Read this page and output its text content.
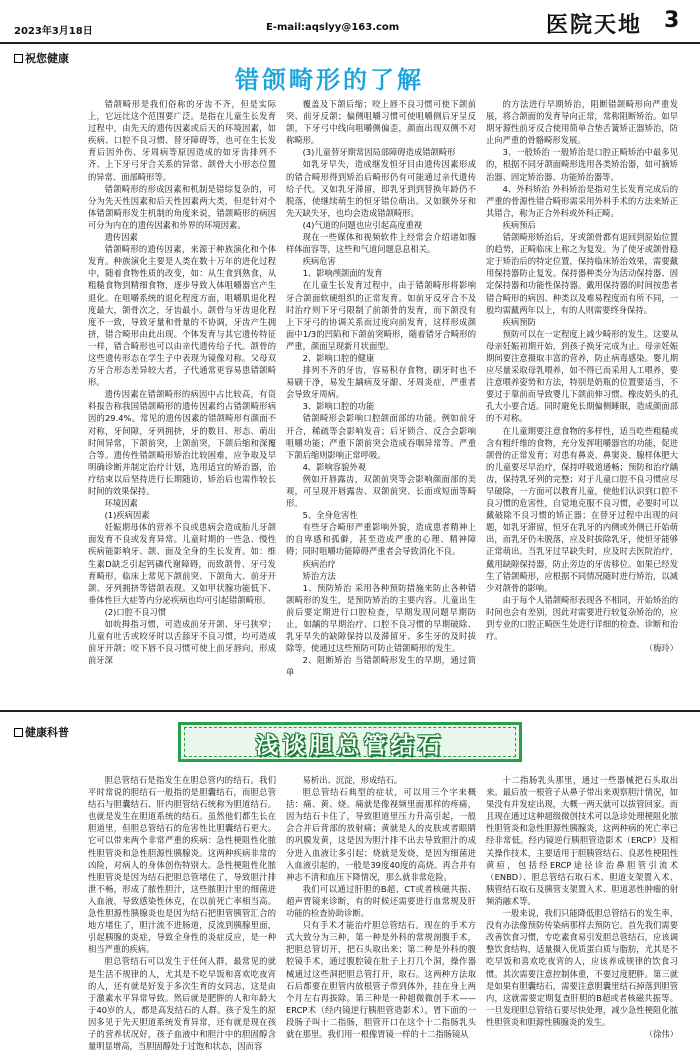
2023年3月18日	E-mail:aqslyy@163.com	医院天地 3
祝您健康
错颌畸形的了解

错颌畸形是我们俗称的牙齿不齐，但是实际上，它远比这个范围要广泛。是指在儿童生长发育过程中，由先天的遗传因素或后天的环境因素，如疾病、口腔不良习惯、替牙障碍等，也可在生长发育后因外伤、牙周病等原因造成的如牙齿排列不齐、上下牙弓牙合关系的异常、颌骨大小形态位置的异常、面部畸形等。

错颌畸形的形成因素和机制是错综复杂的，可分为先天性因素和后天性因素两大类，但是针对个体错颌畸形发生机制的角度来说，错颌畸形的病因可分为内在的遗传因素和外界的环境因素。

遗传因素

错颌畸形的遗传因素，来源于种族演化和个体发育。种族演化主要是人类在数十万年的进化过程中，随着食物性质的改变，如：从生食到熟食，从粗糙食物到精细食物，逐步导致人体咀嚼器官产生退化。在咀嚼系统的退化程度方面，咀嚼肌退化程度最大，颌骨次之，牙齿最小。颌骨与牙齿退化程度不一致，导致牙量和骨量的不协调，牙齿产生拥挤，错合畸形由此出现。个体发育与其它遗传特征一样，错合畸形也可以由亲代遗传给子代。颌骨的这些遗传形态在学生子中表现为镜像对称。父母双方牙合形态差异较大者，子代通常更容易患错颌畸形。

遗传因素在错颌畸形的病因中占比较高，有资料报告称我国错颌畸形的遗传因素约占错颌畸形病因的29.4%。常见的遗传因素的错颌畸形有颜面不对称，牙间隙，牙列拥挤，牙的数目、形态、萌出时间异常，下颌前突，上颌前突，下颌后缩和深覆合等。遗传性错颌畸形矫治比较困难，应争取及早明确诊断并制定治疗计划，选用适宜的矫治器，治疗结束以后坚持进行长期随访，矫治后也需作较长时间的效果保持。

环境因素

(1)疾病因素

妊娠期母体的营养不良或患病会造成胎儿牙颌面发育不良或发育异常。儿童时期的一些急、慢性疾病能影响牙、颌、面及全身的生长发育。如：维生素D缺乏引起钙磷代谢障碍，而致颌骨、牙弓发育畸形，临床上常见下颌前突、下颌角大、前牙开颌、牙列拥挤等错颌表现。又如甲状腺功能低下、垂体性巨大症等内分泌疾病也均可引起错颌畸形。

(2)口腔不良习惯

如吮拇指习惯，可造成前牙开颌、牙弓狭窄；儿童有吐舌或咬牙时以舌舔牙不良习惯，均可造成前牙开颌；咬下唇不良习惯可使上前牙唇向，形成前牙深

覆盖及下颌后缩；咬上唇不良习惯可使下颌前突、前牙反颌；偏侧咀嚼习惯可使咀嚼侧后牙呈反颌，下牙弓中线向咀嚼侧偏歪，颜面出现双侧不对称畸形。

(3)儿童替牙期常因局部障碍造成错颌畸形

如乳牙早失，造成继发恒牙目由遗传因素形成的错合畸形得到矫治后畸形仍有可能通过亲代遗传给子代。又如乳牙滞留，即乳牙到到替换年龄仍不脱落，使继续萌生的恒牙错位萌出。又如额外牙和先天缺失牙，也均会造成错颌畸形。

(4)气道的问题也应引起高度重视

现在一些媒体和视频软件上经常会介绍诸如腺样体面容等，这些和气道问题息息相关。

疾病危害

1、影响颅颌面的发育

在儿童生长发育过程中，由于错颌畸形将影响牙合颌面软硬组织的正常发育。如前牙反牙合不及时治疗则下牙弓限制了前颌骨的发育，而下颌没有上下牙弓的协调关系而过度向前发育，这样形成颜面中1/3的凹陷和下颌前突畸形，随着错牙合畸形的严重，颜面呈现新月状面型。

2、影响口腔的健康

排列不齐的牙齿，容易积存食物，刷牙时也不易刷干净，易发生龋病及牙龈、牙周炎症，严重者会导致牙周病。

3、影响口腔的功能

错颌畸形会影响口腔颌面部的功能。例如前牙开合，稀疏等会影响发音；后牙锁合、反合会影响咀嚼功能；严重下颌前突会造成吞咽异常等。严重下颌后缩则影响正常呼吸。

4、影响容貌外观

例如开唇露齿，双颌前突等会影响颜面部的美观，可呈现开唇露齿、双颌前突、长面或短面等畸形。

5、全身危害性

有些牙合畸形严重影响外貌，造成患者精神上的自卑感和孤僻，甚至造成严重的心理、精神障碍；同时咀嚼功能障碍严重者会导致消化不良。

疾病治疗

矫治方法

1、预防矫治 采用各种预防措施来防止各种错颌畸形的发生，是预防矫治的主要内容。儿童出生前后要定期进行口腔检查，早期发现问题早期防止，如龋的早期治疗、口腔不良习惯的早期破除、乳牙早失的缺隙保持以及滞留牙、多生牙的及时拔除等，使通过这些预防可防止错颌畸形的发生。

2、阻断矫治 当错颌畸形发生的早期，通过简单

的方法进行早期矫治，阻断错颌畸形向严重发展，将合颌面的发育导向正常，常称阻断矫治。如早期牙源性前牙反合使用简单合垫舌簧矫正器矫治，防止向严重的骨骼畸形发展。

3、一般矫治 一般矫治是口腔正畸矫治中最多见的，根据不同牙颌面畸形选用各类矫治器，如可摘矫治器、固定矫治器、功能矫治器等。

4、外科矫治 外科矫治是指对生长发育完成后的严重的骨源性错合畸形需采用外科手术的方法来矫正其错合，称为正合外科或外科正畸。

疾病预后

错颌畸形矫治后，牙或颌骨都有退回到原始位置的趋势，正畸临床上称之为复发。为了使牙或颌骨稳定于矫治后的特定位置，保持临床矫治效果，需要戴用保持器防止复发。保持器种类分为活动保持器、固定保持器和功能性保持器。戴用保持器的时间按患者错合畸形的病因、种类以及难易程度而有所不同，一般均需戴两年以上，有的人则需要终身保持。

疾病预防

预防可以在一定程度上减少畸形的发生。这要从母亲妊娠初期开始，到孩子换牙完成为止。母亲妊娠期间要注意摄取丰富的营养，防止病毒感染。婴儿期应尽量采取母乳喂养，如不得已而采用人工喂养，要注意喂养姿势和方法，特别是奶瓶的位置要适当，不要过于靠前而导致婴儿下颌前伸习惯。橡皮奶头的孔孔大小要合适。同时避免长期偏侧睡眠，造成颜面部的不对称。

在儿童期要注意食物的多样性，适当吃些粗糙或含有粗纤维的食物，充分发挥咀嚼器官的功能，促进颌骨的正常发育；对患有鼻炎、鼻窦炎、腺样体肥大的儿童要尽早治疗，保持呼吸道通畅；预防和治疗龋齿，保持乳牙列的完整；对于儿童口腔不良习惯应尽早破除，一方面可以教育儿童，使他们认识到口腔不良习惯的危害性，自觉地克服不良习惯，必要时可以戴破除不良习惯的矫正器；在替牙过程中出现的问题，如乳牙滞留，恒牙在乳牙的内侧或外侧已开始萌出，而乳牙仍未脱落，应及时拔除乳牙，使恒牙能够正常萌出。当乳牙过早缺失时，应及时去医院治疗，戴用缺隙保持器，防止旁边的牙齿移位。如果已经发生了错颌畸形，应根据不同情况随时进行矫治，以减少对颌骨的影响。

由于每个人错颌畸形表现各不相同，开始矫治的时间也会有差别，因此对需要进行较复杂矫治的，应到专业的口腔正畸医生处进行详细的检查、诊断和治疗。

（梅玲）

健康科普
浅谈胆总管结石

胆总管结石是指发生在胆总管内的结石。我们平时常说的胆结石一般指的是胆囊结石，而胆总管结石与胆囊结石、肝内胆管结石统称为胆道结石。也就是发生在胆道系统的结石。虽然他们都生长在胆道里，但胆总管结石的危害性比胆囊结石更大。它可以带来两个非常严重的疾病：急性梗阻性化脓性胆管炎和急性胆源性胰腺炎。这两种疾病非常的凶险，对病人的身体创伤特别大。急性梗阻性化脓性胆管炎是因为结石把胆总管堵住了，导致胆汁排泄不畅，形成了脓性胆汁，这些脓胆汁里的细菌进入血液，导致感染性休克，在以前死亡率相当高。急性胆源性胰腺炎也是因为结石把胆管胰管汇合的地方堵住了，胆汁流不进肠道，反流到胰腺里面，引起胰腺的炎症，导致全身性的炎症反应，是一种相当严重的疾病。

胆总管结石可以发生于任何人群，最常见的就是生活不规律的人，尤其是不吃早饭和喜欢吃夜宵的人，还有就是好发于多次生育的女同志，这是由于激素水平异常导致。然后就是肥胖的人和年龄大于40岁的人，都是高发结石的人群。孩子发生的原因多见于先天胆道系统发育异常，还有就是现在孩子的营养状况好，孩子血液中和胆汁中的胆固醇含量明显增高，当胆固醇处于过饱和状态，因而容

易析出、沉淀，形成结石。

胆总管结石典型的症状，可以用三个字来概括：痛、黄、烧。痛就是像视频里面那样的疼痛，因为结石卡住了，导致胆道里压力升高引起，一般会合并后背部的放射痛；黄就是人的皮肤或者眼睛的巩膜发黄，这是因为胆汁排不出去导致胆汁的成分进入血液让多引起；烧就是发烧，是因为细菌进入血液引起的，一般是39度40度的高烧。再合并有神志不清和血压下降情况，那么就非常危险。

我们可以通过肝胆的B超、CT或者核磁共振、超声胃镜来诊断，有的时候还需要进行血常规及肝功能的检查协助诊断。

只有手术才能治疗胆总管结石。现在的手术方式大致分为三种，第一种是外科的常规剖腹手术，把胆总管切开，把石头取出来；第二种是外科的腹腔镜手术，通过腹腔镜在肚子上打几个洞，操作器械通过这些洞把胆总管打开，取石。这两种方法取石后都要在胆管内放根管子带到体外，挂在身上两个月左右再拔除。第三种是一种超微微创手术——ERCP术（经内镜逆行胰胆管造影术）。胃下面的一段肠子叫十二指肠，胆管开口在这个十二指肠乳头就在那里。我们用一根像胃镜一样的十二指肠镜从

十二指肠乳头那里，通过一些器械把石头取出来。最后放一根管子从鼻子带出来观察胆汁情况，如果没有并发症出现，大概一两天就可以拔管回家。而且现在通过这种超级微创技术可以急诊处理梗阻化脓性胆管炎和急性胆源性胰腺炎，这两种病的死亡率已经非常低。经内镜逆行胰胆管造影术（ERCP）及相关操作技术，主要适用于胆胰管结石、良恶性梗阻性黄疸，包括经ERCP途径诊治鼻胆管引流术（ENBD）、胆总管结石取石术、胆道支架置入术、胰管结石取石及胰管支架置入术、胆道恶性肿瘤的射频消融术等。

一般来说，我们只能降低胆总管结石的发生率，没有办法像预防传染病那样去预防它。首先我们需要改善饮食习惯，专吃素食易引发胆总管结石，应该调整饮食结构，适量摄入优质蛋白质与脂肪，尤其是不吃早饭和喜欢吃夜宵的人，应该养成规律的饮食习惯。其次需要注意控制体重，不要过度肥胖。第三就是如果有胆囊结石，需要注意胆囊里结石掉落到胆管内，这就需要定期复查肝胆的B超或者核磁共振等。一旦发现胆总管结石要尽快处理，减少急性梗阻化脓性胆管炎和胆源性胰腺炎的发生。

（徐伟）
